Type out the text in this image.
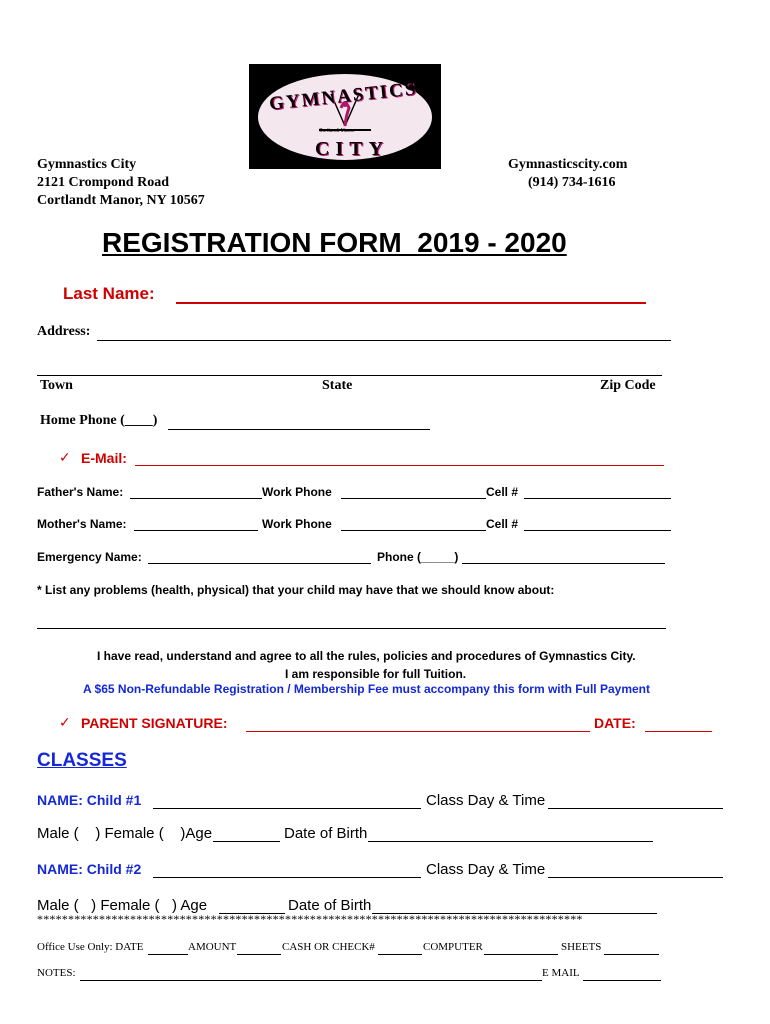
GYMNASTICS
CITY
Cortlandt Manor
Gymnastics City
2121 Crompond Road
Cortlandt Manor, NY 10567
Gymnasticscity.com
(914) 734-1616
REGISTRATION FORM  2019 - 2020
Last Name:
Address:
Town	State	Zip Code
Home Phone (____)
✓ E-Mail:
Father's Name:	Work Phone	Cell #
Mother's Name:	Work Phone	Cell #
Emergency Name:	Phone (_____)
* List any problems (health, physical) that your child may have that we should know about:
I have read, understand and agree to all the rules, policies and procedures of Gymnastics City.
I am responsible for full Tuition.
A $65 Non-Refundable Registration / Membership Fee must accompany this form with Full Payment
✓ PARENT SIGNATURE:	DATE:
CLASSES
NAME: Child #1	Class Day & Time
Male (    ) Female (    )Age	Date of Birth
NAME: Child #2	Class Day & Time
Male (   ) Female (   ) Age	Date of Birth
****************************************************************************************
Office Use Only: DATE	AMOUNT	CASH OR CHECK#	COMPUTER	SHEETS
NOTES:	E MAIL
